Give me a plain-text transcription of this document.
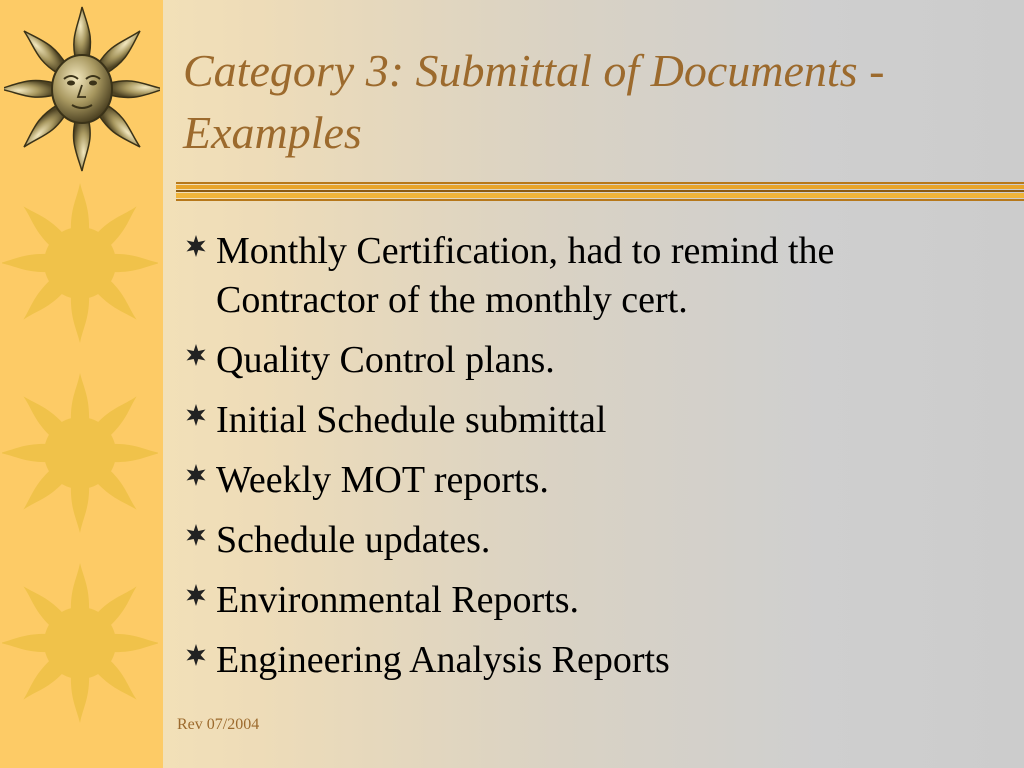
Category 3: Submittal of Documents - Examples
Monthly Certification, had to remind the Contractor of the monthly cert.
Quality Control plans.
Initial Schedule submittal
Weekly MOT reports.
Schedule updates.
Environmental Reports.
Engineering Analysis Reports
Rev 07/2004
